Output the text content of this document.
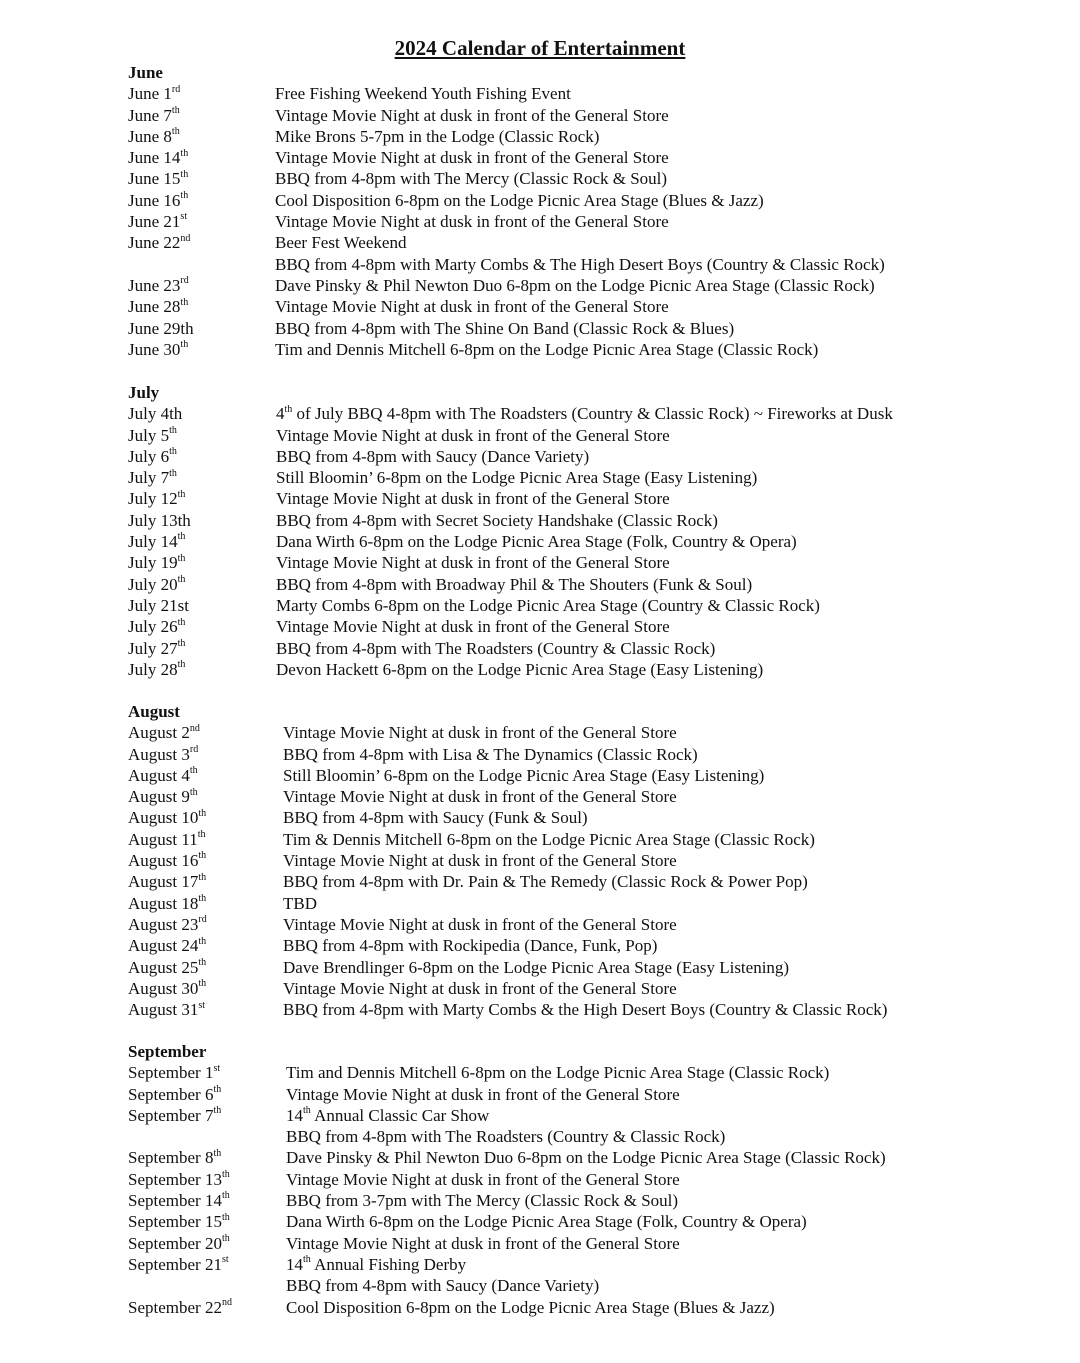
2024 Calendar of Entertainment
June
June 1rd	Free Fishing Weekend Youth Fishing Event
June 7th	Vintage Movie Night at dusk in front of the General Store
June 8th	Mike Brons 5-7pm in the Lodge (Classic Rock)
June 14th	Vintage Movie Night at dusk in front of the General Store
June 15th	BBQ from 4-8pm with The Mercy (Classic Rock & Soul)
June 16th	Cool Disposition 6-8pm on the Lodge Picnic Area Stage (Blues & Jazz)
June 21st	Vintage Movie Night at dusk in front of the General Store
June 22nd	Beer Fest Weekend
BBQ from 4-8pm with Marty Combs & The High Desert Boys (Country & Classic Rock)
June 23rd	Dave Pinsky & Phil Newton Duo 6-8pm on the Lodge Picnic Area Stage (Classic Rock)
June 28th	Vintage Movie Night at dusk in front of the General Store
June 29th	BBQ from 4-8pm with The Shine On Band (Classic Rock & Blues)
June 30th	Tim and Dennis Mitchell 6-8pm on the Lodge Picnic Area Stage (Classic Rock)
July
July 4th	4th of July BBQ 4-8pm with The Roadsters (Country & Classic Rock) ~ Fireworks at Dusk
July 5th	Vintage Movie Night at dusk in front of the General Store
July 6th	BBQ from 4-8pm with Saucy (Dance Variety)
July 7th	Still Bloomin’ 6-8pm on the Lodge Picnic Area Stage (Easy Listening)
July 12th	Vintage Movie Night at dusk in front of the General Store
July 13th	BBQ from 4-8pm with Secret Society Handshake (Classic Rock)
July 14th	Dana Wirth 6-8pm on the Lodge Picnic Area Stage (Folk, Country & Opera)
July 19th	Vintage Movie Night at dusk in front of the General Store
July 20th	BBQ from 4-8pm with Broadway Phil & The Shouters (Funk & Soul)
July 21st	Marty Combs 6-8pm on the Lodge Picnic Area Stage (Country & Classic Rock)
July 26th	Vintage Movie Night at dusk in front of the General Store
July 27th	BBQ from 4-8pm with The Roadsters (Country & Classic Rock)
July 28th	Devon Hackett 6-8pm on the Lodge Picnic Area Stage (Easy Listening)
August
August 2nd	Vintage Movie Night at dusk in front of the General Store
August 3rd	BBQ from 4-8pm with Lisa & The Dynamics (Classic Rock)
August 4th	Still Bloomin’ 6-8pm on the Lodge Picnic Area Stage (Easy Listening)
August 9th	Vintage Movie Night at dusk in front of the General Store
August 10th	BBQ from 4-8pm with Saucy (Funk & Soul)
August 11th	Tim & Dennis Mitchell 6-8pm on the Lodge Picnic Area Stage (Classic Rock)
August 16th	Vintage Movie Night at dusk in front of the General Store
August 17th	BBQ from 4-8pm with Dr. Pain & The Remedy (Classic Rock & Power Pop)
August 18th	TBD
August 23rd	Vintage Movie Night at dusk in front of the General Store
August 24th	BBQ from 4-8pm with Rockipedia (Dance, Funk, Pop)
August 25th	Dave Brendlinger 6-8pm on the Lodge Picnic Area Stage (Easy Listening)
August 30th	Vintage Movie Night at dusk in front of the General Store
August 31st	BBQ from 4-8pm with Marty Combs & the High Desert Boys (Country & Classic Rock)
September
September 1st	Tim and Dennis Mitchell 6-8pm on the Lodge Picnic Area Stage (Classic Rock)
September 6th	Vintage Movie Night at dusk in front of the General Store
September 7th	14th Annual Classic Car Show
BBQ from 4-8pm with The Roadsters (Country & Classic Rock)
September 8th	Dave Pinsky & Phil Newton Duo 6-8pm on the Lodge Picnic Area Stage (Classic Rock)
September 13th	Vintage Movie Night at dusk in front of the General Store
September 14th	BBQ from 3-7pm with The Mercy (Classic Rock & Soul)
September 15th	Dana Wirth 6-8pm on the Lodge Picnic Area Stage (Folk, Country & Opera)
September 20th	Vintage Movie Night at dusk in front of the General Store
September 21st	14th Annual Fishing Derby
BBQ from 4-8pm with Saucy (Dance Variety)
September 22nd	Cool Disposition 6-8pm on the Lodge Picnic Area Stage (Blues & Jazz)
